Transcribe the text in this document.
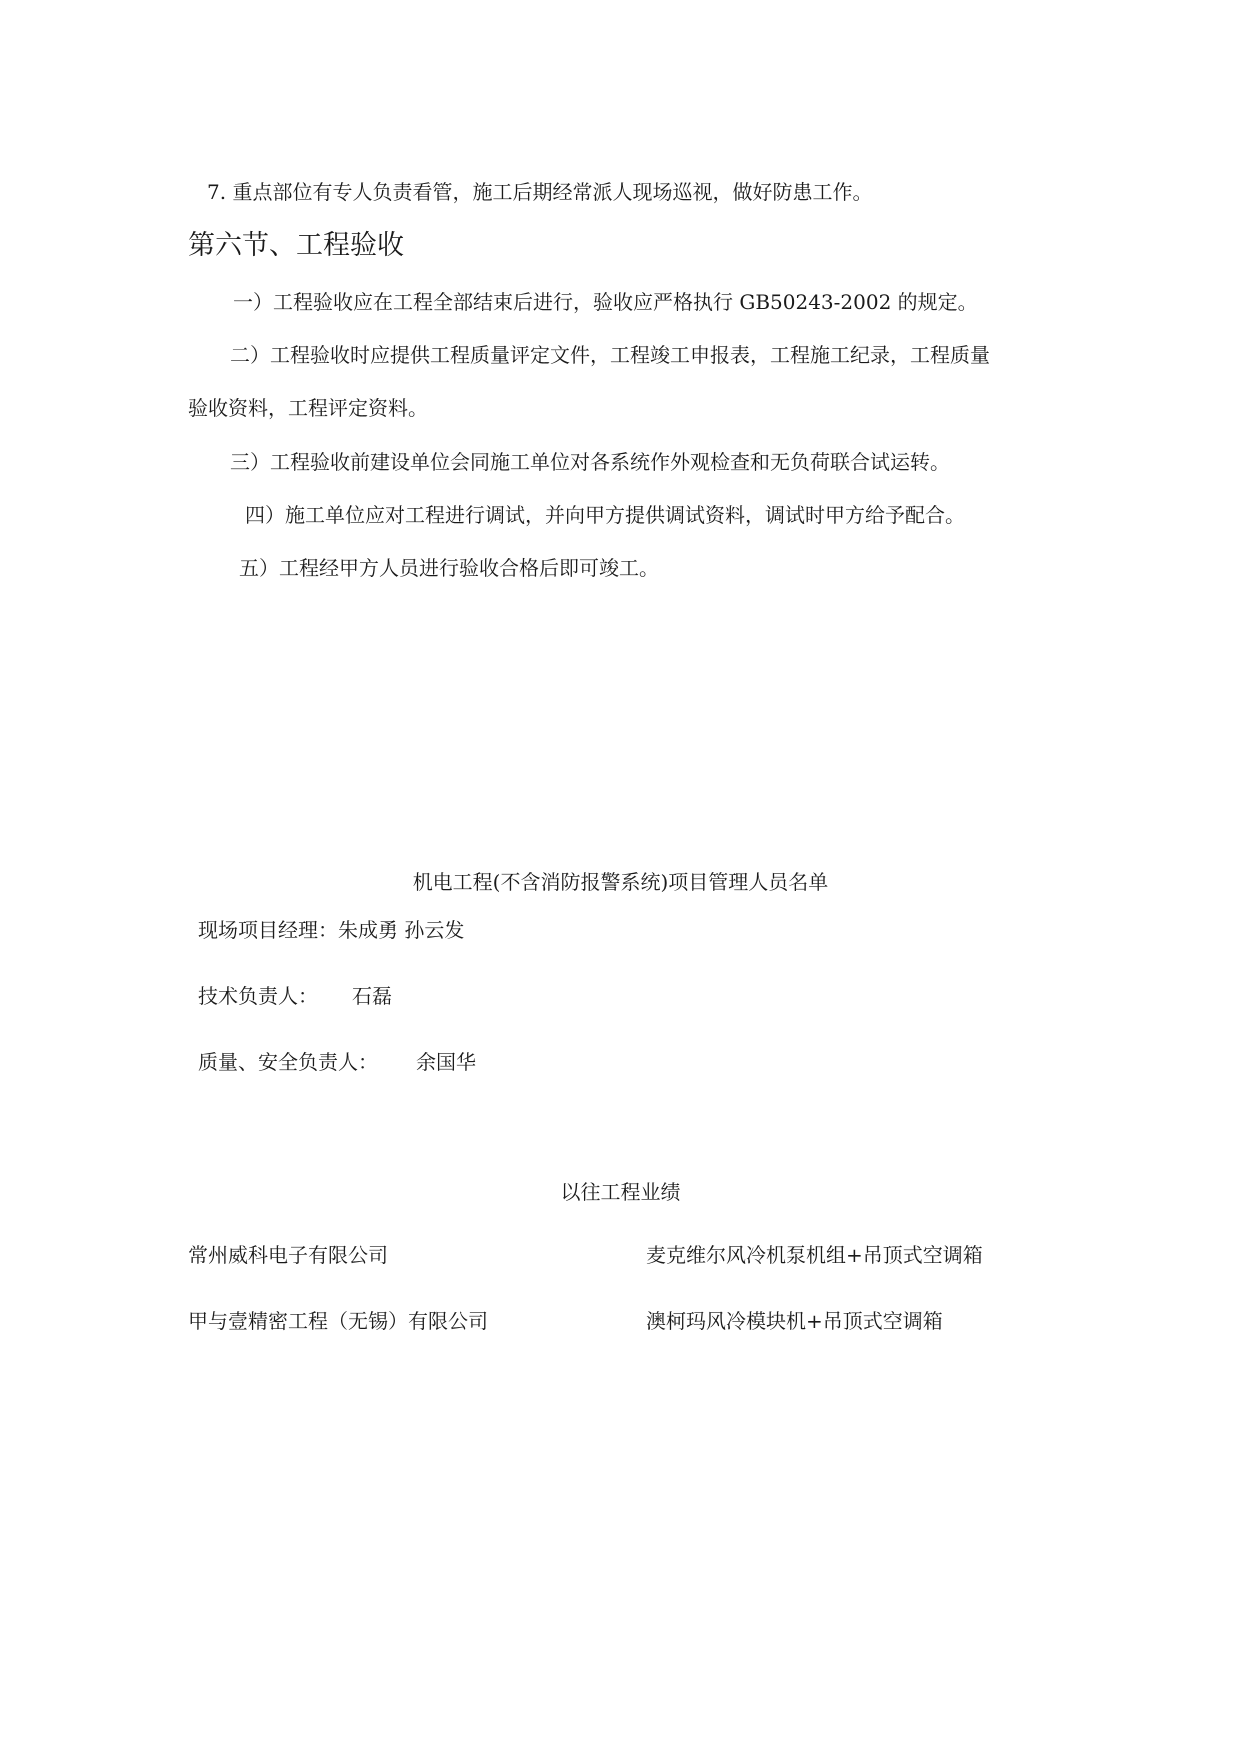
7. 重点部位有专人负责看管，施工后期经常派人现场巡视，做好防患工作。
第六节、工程验收
一）工程验收应在工程全部结束后进行，验收应严格执行 GB50243-2002 的规定。
二）工程验收时应提供工程质量评定文件，工程竣工申报表，工程施工纪录，工程质量
验收资料，工程评定资料。
三）工程验收前建设单位会同施工单位对各系统作外观检查和无负荷联合试运转。
四）施工单位应对工程进行调试，并向甲方提供调试资料，调试时甲方给予配合。
五）工程经甲方人员进行验收合格后即可竣工。
机电工程(不含消防报警系统)项目管理人员名单
现场项目经理：朱成勇 孙云发
技术负责人： 石磊
质量、安全负责人： 余国华
以往工程业绩
常州威科电子有限公司	麦克维尔风冷机泵机组+吊顶式空调箱
甲与壹精密工程（无锡）有限公司	澳柯玛风冷模块机+吊顶式空调箱
